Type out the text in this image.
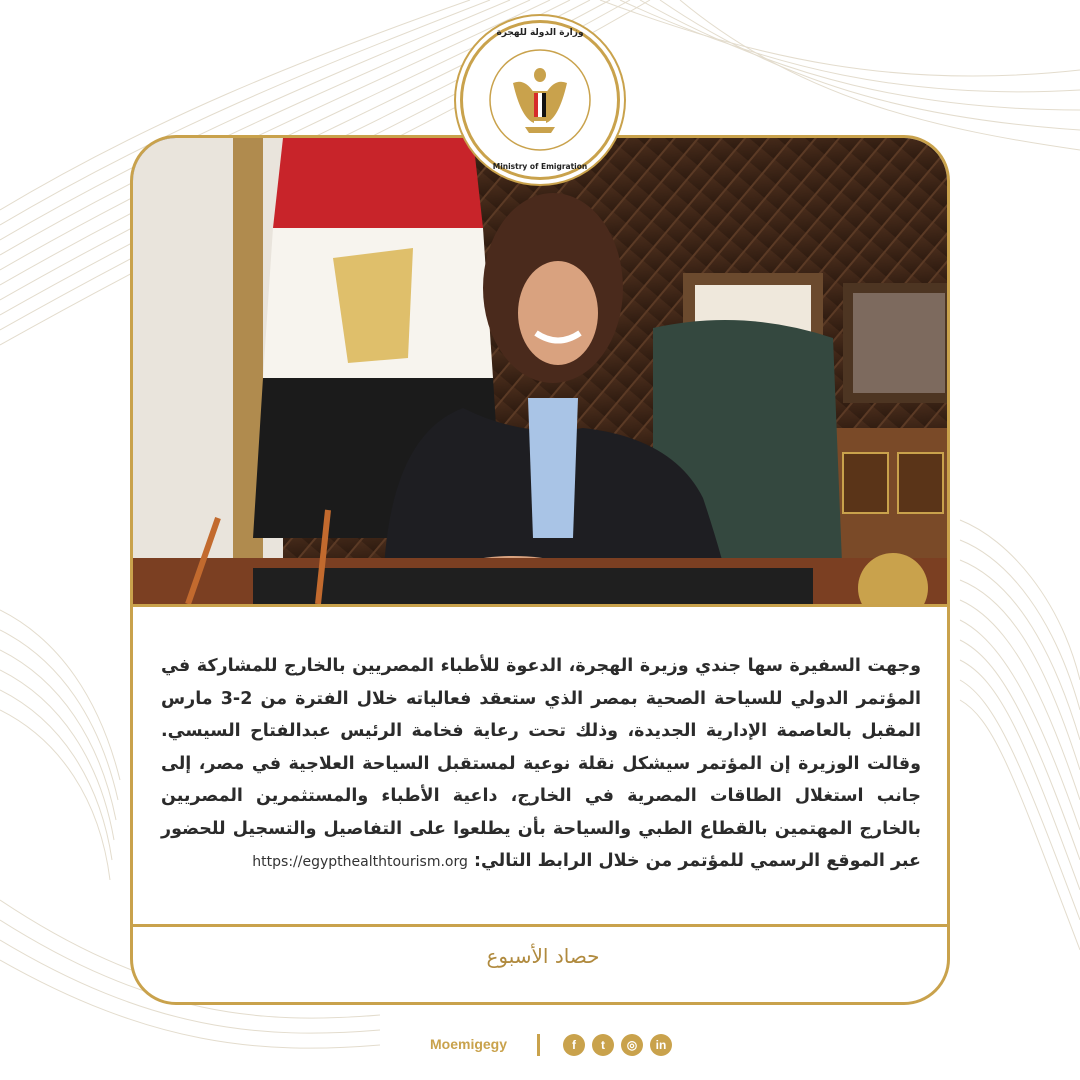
وزارة الدولة للهجرة
Ministry of Emigration
وجهت السفيرة سها جندي وزيرة الهجرة، الدعوة للأطباء المصريين بالخارج للمشاركة في المؤتمر الدولي للسياحة الصحية بمصر الذي ستعقد فعالياته خلال الفترة من 2-3 مارس المقبل بالعاصمة الإدارية الجديدة، وذلك تحت رعاية فخامة الرئيس عبدالفتاح السيسي. وقالت الوزيرة إن المؤتمر سيشكل نقلة نوعية لمستقبل السياحة العلاجية في مصر، إلى جانب استغلال الطاقات المصرية في الخارج، داعية الأطباء والمستثمرين المصريين بالخارج المهتمين بالقطاع الطبي والسياحة بأن يطلعوا على التفاصيل والتسجيل للحضور عبر الموقع الرسمي للمؤتمر من خلال الرابط التالي: https://egypthealthtourism.org
حصاد الأسبوع
Moemigegy	f	t	◎	in
